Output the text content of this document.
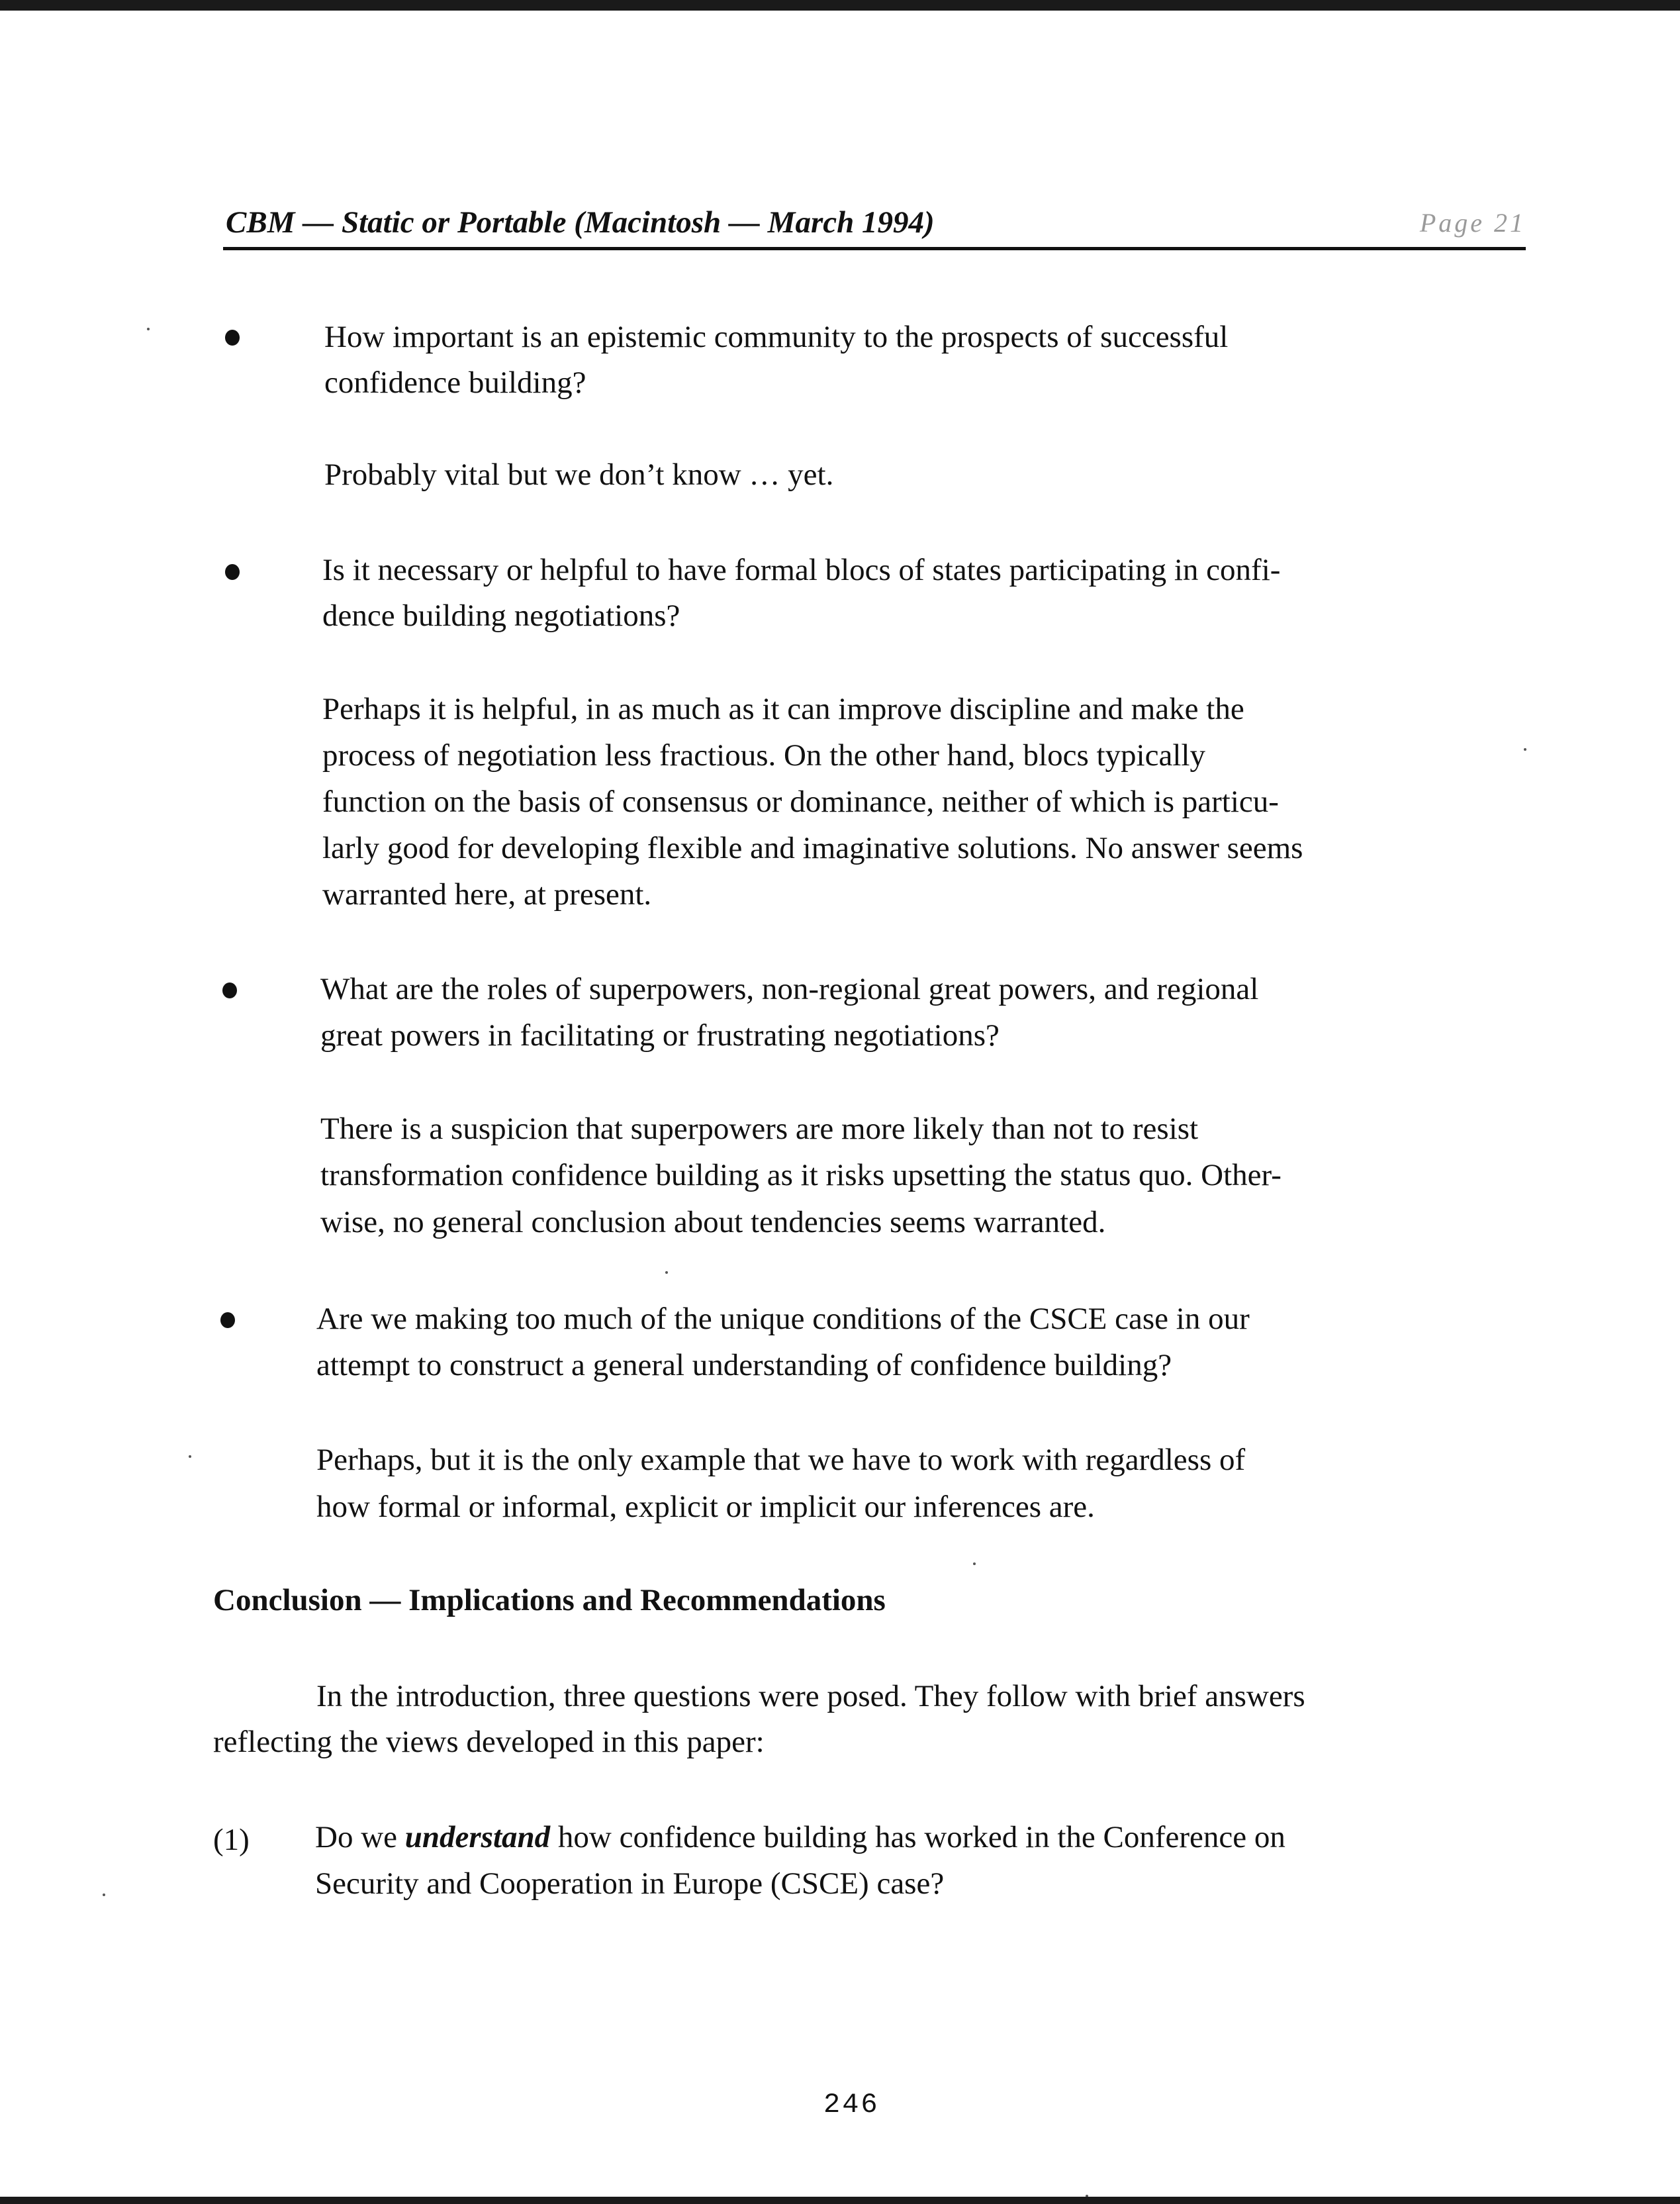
CBM — Static or Portable (Macintosh — March 1994)	Page 21
How important is an epistemic community to the prospects of successful
confidence building?
Probably vital but we don’t know … yet.
Is it necessary or helpful to have formal blocs of states participating in confi-
dence building negotiations?
Perhaps it is helpful, in as much as it can improve discipline and make the
process of negotiation less fractious. On the other hand, blocs typically
function on the basis of consensus or dominance, neither of which is particu-
larly good for developing flexible and imaginative solutions. No answer seems
warranted here, at present.
What are the roles of superpowers, non-regional great powers, and regional
great powers in facilitating or frustrating negotiations?
There is a suspicion that superpowers are more likely than not to resist
transformation confidence building as it risks upsetting the status quo. Other-
wise, no general conclusion about tendencies seems warranted.
Are we making too much of the unique conditions of the CSCE case in our
attempt to construct a general understanding of confidence building?
Perhaps, but it is the only example that we have to work with regardless of
how formal or informal, explicit or implicit our inferences are.
Conclusion — Implications and Recommendations
In the introduction, three questions were posed. They follow with brief answers
reflecting the views developed in this paper:
(1) Do we understand how confidence building has worked in the Conference on
Security and Cooperation in Europe (CSCE) case?
246
